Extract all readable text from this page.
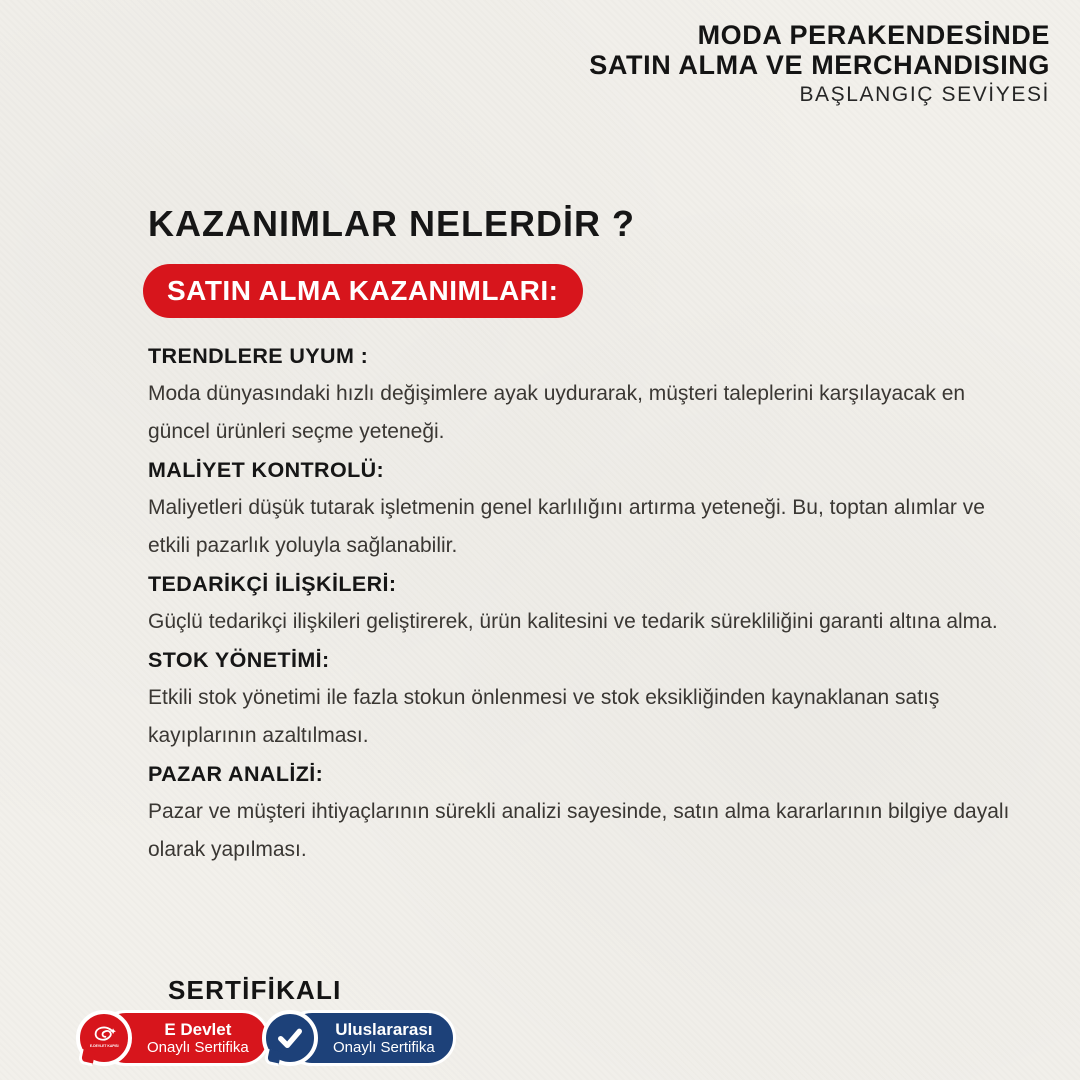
MODA PERAKENDESİNDE
SATIN ALMA VE MERCHANDISING
BAŞLANGIÇ SEVİYESİ
KAZANIMLAR NELERDİR ?
SATIN ALMA KAZANIMLARI:
TRENDLERE UYUM :

Moda dünyasındaki hızlı değişimlere ayak uydurarak, müşteri taleplerini karşılayacak en güncel ürünleri seçme yeteneği.

MALİYET KONTROLÜ:

Maliyetleri düşük tutarak işletmenin genel karlılığını artırma yeteneği. Bu, toptan alımlar ve etkili pazarlık yoluyla sağlanabilir.

TEDARİKÇİ İLİŞKİLERİ:

Güçlü tedarikçi ilişkileri geliştirerek, ürün kalitesini ve tedarik sürekliliğini garanti altına alma.

STOK YÖNETİMİ:

Etkili stok yönetimi ile fazla stokun önlenmesi ve stok eksikliğinden kaynaklanan satış kayıplarının azaltılması.

PAZAR ANALİZİ:

Pazar ve müşteri ihtiyaçlarının sürekli analizi sayesinde, satın alma kararlarının bilgiye dayalı olarak yapılması.

SERTİFİKALI
E-DEVLET KAPISI
E Devlet
Onaylı Sertifika
Uluslararası
Onaylı Sertifika
